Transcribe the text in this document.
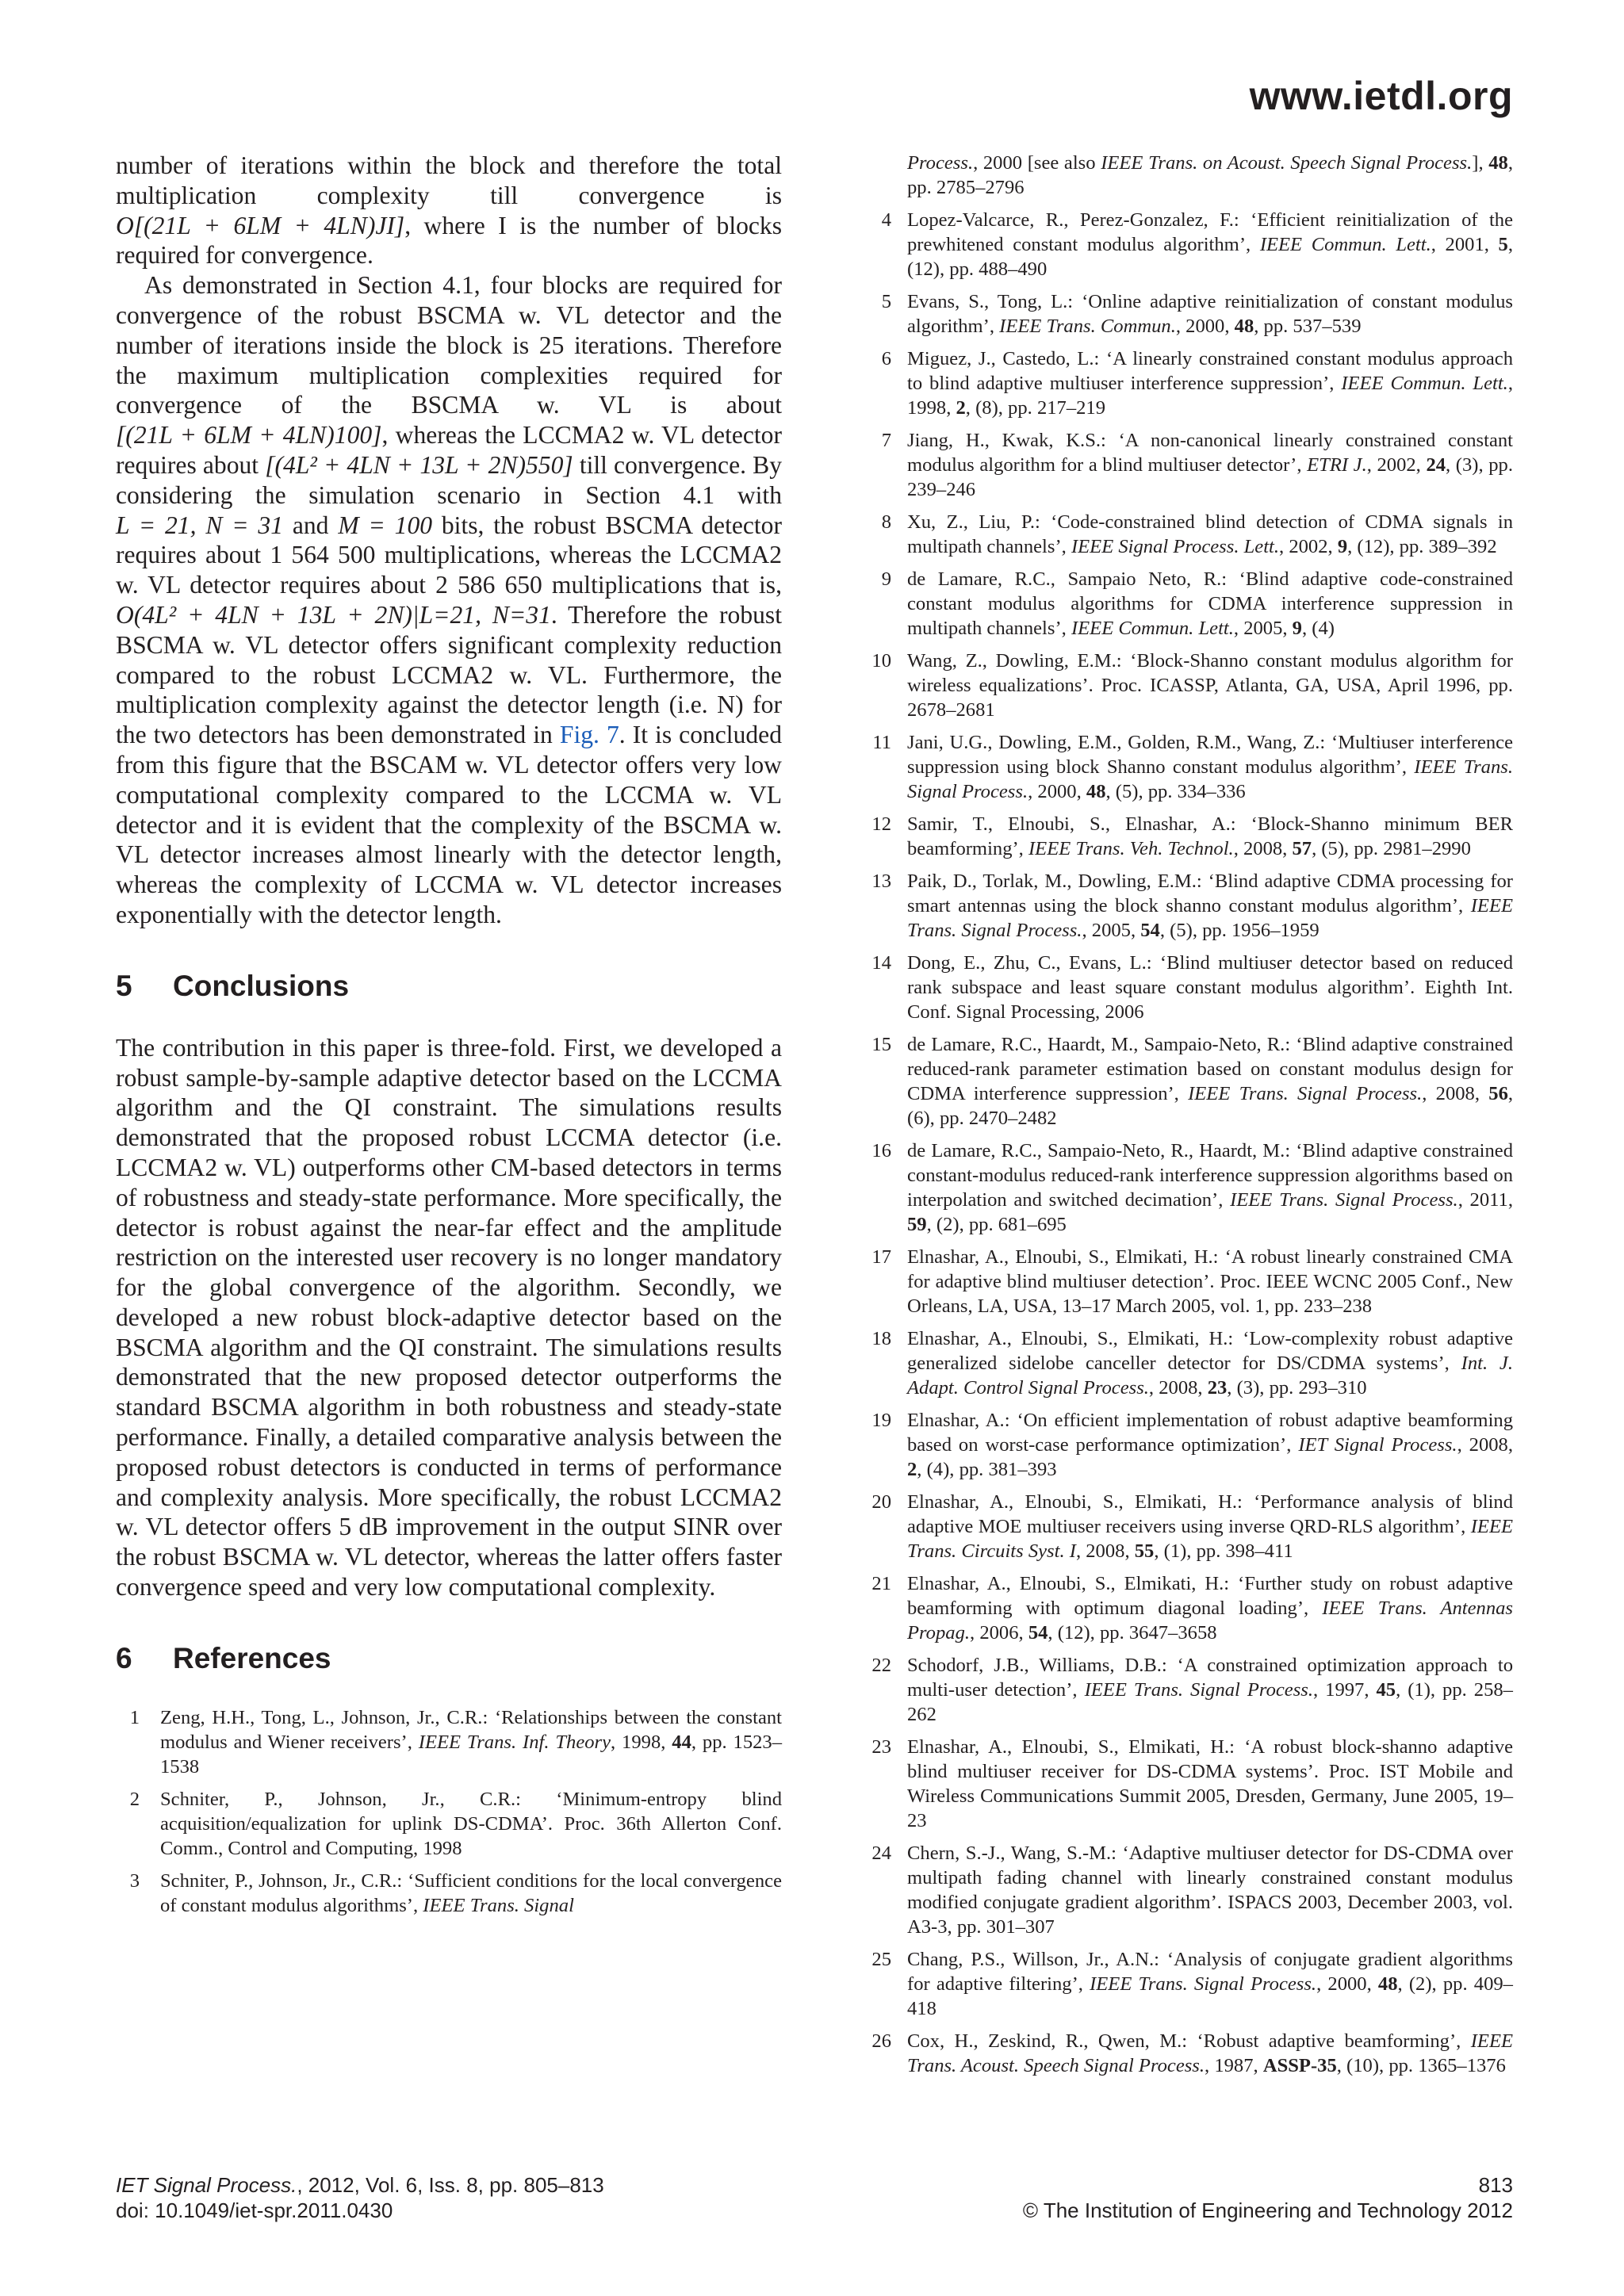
www.ietdl.org

number of iterations within the block and therefore the total multiplication complexity till convergence is O[(21L + 6LM + 4LN)JI], where I is the number of blocks required for convergence.

As demonstrated in Section 4.1, four blocks are required for convergence of the robust BSCMA w. VL detector and the number of iterations inside the block is 25 iterations. Therefore the maximum multiplication complexities required for convergence of the BSCMA w. VL is about [(21L + 6LM + 4LN)100], whereas the LCCMA2 w. VL detector requires about [(4L² + 4LN + 13L + 2N)550] till convergence. By considering the simulation scenario in Section 4.1 with L = 21, N = 31 and M = 100 bits, the robust BSCMA detector requires about 1 564 500 multiplications, whereas the LCCMA2 w. VL detector requires about 2 586 650 multiplications that is, O(4L² + 4LN + 13L + 2N)|L=21, N=31. Therefore the robust BSCMA w. VL detector offers significant complexity reduction compared to the robust LCCMA2 w. VL. Furthermore, the multiplication complexity against the detector length (i.e. N) for the two detectors has been demonstrated in Fig. 7. It is concluded from this figure that the BSCAM w. VL detector offers very low computational complexity compared to the LCCMA w. VL detector and it is evident that the complexity of the BSCMA w. VL detector increases almost linearly with the detector length, whereas the complexity of LCCMA w. VL detector increases exponentially with the detector length.

5	Conclusions

The contribution in this paper is three-fold. First, we developed a robust sample-by-sample adaptive detector based on the LCCMA algorithm and the QI constraint. The simulations results demonstrated that the proposed robust LCCMA detector (i.e. LCCMA2 w. VL) outperforms other CM-based detectors in terms of robustness and steady-state performance. More specifically, the detector is robust against the near-far effect and the amplitude restriction on the interested user recovery is no longer mandatory for the global convergence of the algorithm. Secondly, we developed a new robust block-adaptive detector based on the BSCMA algorithm and the QI constraint. The simulations results demonstrated that the new proposed detector outperforms the standard BSCMA algorithm in both robustness and steady-state performance. Finally, a detailed comparative analysis between the proposed robust detectors is conducted in terms of performance and complexity analysis. More specifically, the robust LCCMA2 w. VL detector offers 5 dB improvement in the output SINR over the robust BSCMA w. VL detector, whereas the latter offers faster convergence speed and very low computational complexity.

6	References
1	Zeng, H.H., Tong, L., Johnson, Jr., C.R.: ‘Relationships between the constant modulus and Wiener receivers’, IEEE Trans. Inf. Theory, 1998, 44, pp. 1523–1538
2	Schniter, P., Johnson, Jr., C.R.: ‘Minimum-entropy blind acquisition/equalization for uplink DS-CDMA’. Proc. 36th Allerton Conf. Comm., Control and Computing, 1998
3	Schniter, P., Johnson, Jr., C.R.: ‘Sufficient conditions for the local convergence of constant modulus algorithms’, IEEE Trans. Signal
Process., 2000 [see also IEEE Trans. on Acoust. Speech Signal Process.], 48, pp. 2785–2796
4 Lopez-Valcarce, R., Perez-Gonzalez, F.: ‘Efficient reinitialization of the prewhitened constant modulus algorithm’, IEEE Commun. Lett., 2001, 5, (12), pp. 488–490
5 Evans, S., Tong, L.: ‘Online adaptive reinitialization of constant modulus algorithm’, IEEE Trans. Commun., 2000, 48, pp. 537–539
6 Miguez, J., Castedo, L.: ‘A linearly constrained constant modulus approach to blind adaptive multiuser interference suppression’, IEEE Commun. Lett., 1998, 2, (8), pp. 217–219
7 Jiang, H., Kwak, K.S.: ‘A non-canonical linearly constrained constant modulus algorithm for a blind multiuser detector’, ETRI J., 2002, 24, (3), pp. 239–246
8 Xu, Z., Liu, P.: ‘Code-constrained blind detection of CDMA signals in multipath channels’, IEEE Signal Process. Lett., 2002, 9, (12), pp. 389–392
9 de Lamare, R.C., Sampaio Neto, R.: ‘Blind adaptive code-constrained constant modulus algorithms for CDMA interference suppression in multipath channels’, IEEE Commun. Lett., 2005, 9, (4)
10 Wang, Z., Dowling, E.M.: ‘Block-Shanno constant modulus algorithm for wireless equalizations’. Proc. ICASSP, Atlanta, GA, USA, April 1996, pp. 2678–2681
11 Jani, U.G., Dowling, E.M., Golden, R.M., Wang, Z.: ‘Multiuser interference suppression using block Shanno constant modulus algorithm’, IEEE Trans. Signal Process., 2000, 48, (5), pp. 334–336
12 Samir, T., Elnoubi, S., Elnashar, A.: ‘Block-Shanno minimum BER beamforming’, IEEE Trans. Veh. Technol., 2008, 57, (5), pp. 2981–2990
13 Paik, D., Torlak, M., Dowling, E.M.: ‘Blind adaptive CDMA processing for smart antennas using the block shanno constant modulus algorithm’, IEEE Trans. Signal Process., 2005, 54, (5), pp. 1956–1959
14 Dong, E., Zhu, C., Evans, L.: ‘Blind multiuser detector based on reduced rank subspace and least square constant modulus algorithm’. Eighth Int. Conf. Signal Processing, 2006
15 de Lamare, R.C., Haardt, M., Sampaio-Neto, R.: ‘Blind adaptive constrained reduced-rank parameter estimation based on constant modulus design for CDMA interference suppression’, IEEE Trans. Signal Process., 2008, 56, (6), pp. 2470–2482
16 de Lamare, R.C., Sampaio-Neto, R., Haardt, M.: ‘Blind adaptive constrained constant-modulus reduced-rank interference suppression algorithms based on interpolation and switched decimation’, IEEE Trans. Signal Process., 2011, 59, (2), pp. 681–695
17 Elnashar, A., Elnoubi, S., Elmikati, H.: ‘A robust linearly constrained CMA for adaptive blind multiuser detection’. Proc. IEEE WCNC 2005 Conf., New Orleans, LA, USA, 13–17 March 2005, vol. 1, pp. 233–238
18 Elnashar, A., Elnoubi, S., Elmikati, H.: ‘Low-complexity robust adaptive generalized sidelobe canceller detector for DS/CDMA systems’, Int. J. Adapt. Control Signal Process., 2008, 23, (3), pp. 293–310
19 Elnashar, A.: ‘On efficient implementation of robust adaptive beamforming based on worst-case performance optimization’, IET Signal Process., 2008, 2, (4), pp. 381–393
20 Elnashar, A., Elnoubi, S., Elmikati, H.: ‘Performance analysis of blind adaptive MOE multiuser receivers using inverse QRD-RLS algorithm’, IEEE Trans. Circuits Syst. I, 2008, 55, (1), pp. 398–411
21 Elnashar, A., Elnoubi, S., Elmikati, H.: ‘Further study on robust adaptive beamforming with optimum diagonal loading’, IEEE Trans. Antennas Propag., 2006, 54, (12), pp. 3647–3658
22 Schodorf, J.B., Williams, D.B.: ‘A constrained optimization approach to multi-user detection’, IEEE Trans. Signal Process., 1997, 45, (1), pp. 258–262
23 Elnashar, A., Elnoubi, S., Elmikati, H.: ‘A robust block-shanno adaptive blind multiuser receiver for DS-CDMA systems’. Proc. IST Mobile and Wireless Communications Summit 2005, Dresden, Germany, June 2005, 19–23
24 Chern, S.-J., Wang, S.-M.: ‘Adaptive multiuser detector for DS-CDMA over multipath fading channel with linearly constrained constant modulus modified conjugate gradient algorithm’. ISPACS 2003, December 2003, vol. A3-3, pp. 301–307
25 Chang, P.S., Willson, Jr., A.N.: ‘Analysis of conjugate gradient algorithms for adaptive filtering’, IEEE Trans. Signal Process., 2000, 48, (2), pp. 409–418
26 Cox, H., Zeskind, R., Qwen, M.: ‘Robust adaptive beamforming’, IEEE Trans. Acoust. Speech Signal Process., 1987, ASSP-35, (10), pp. 1365–1376
IET Signal Process., 2012, Vol. 6, Iss. 8, pp. 805–813
doi: 10.1049/iet-spr.2011.0430
813
© The Institution of Engineering and Technology 2012
